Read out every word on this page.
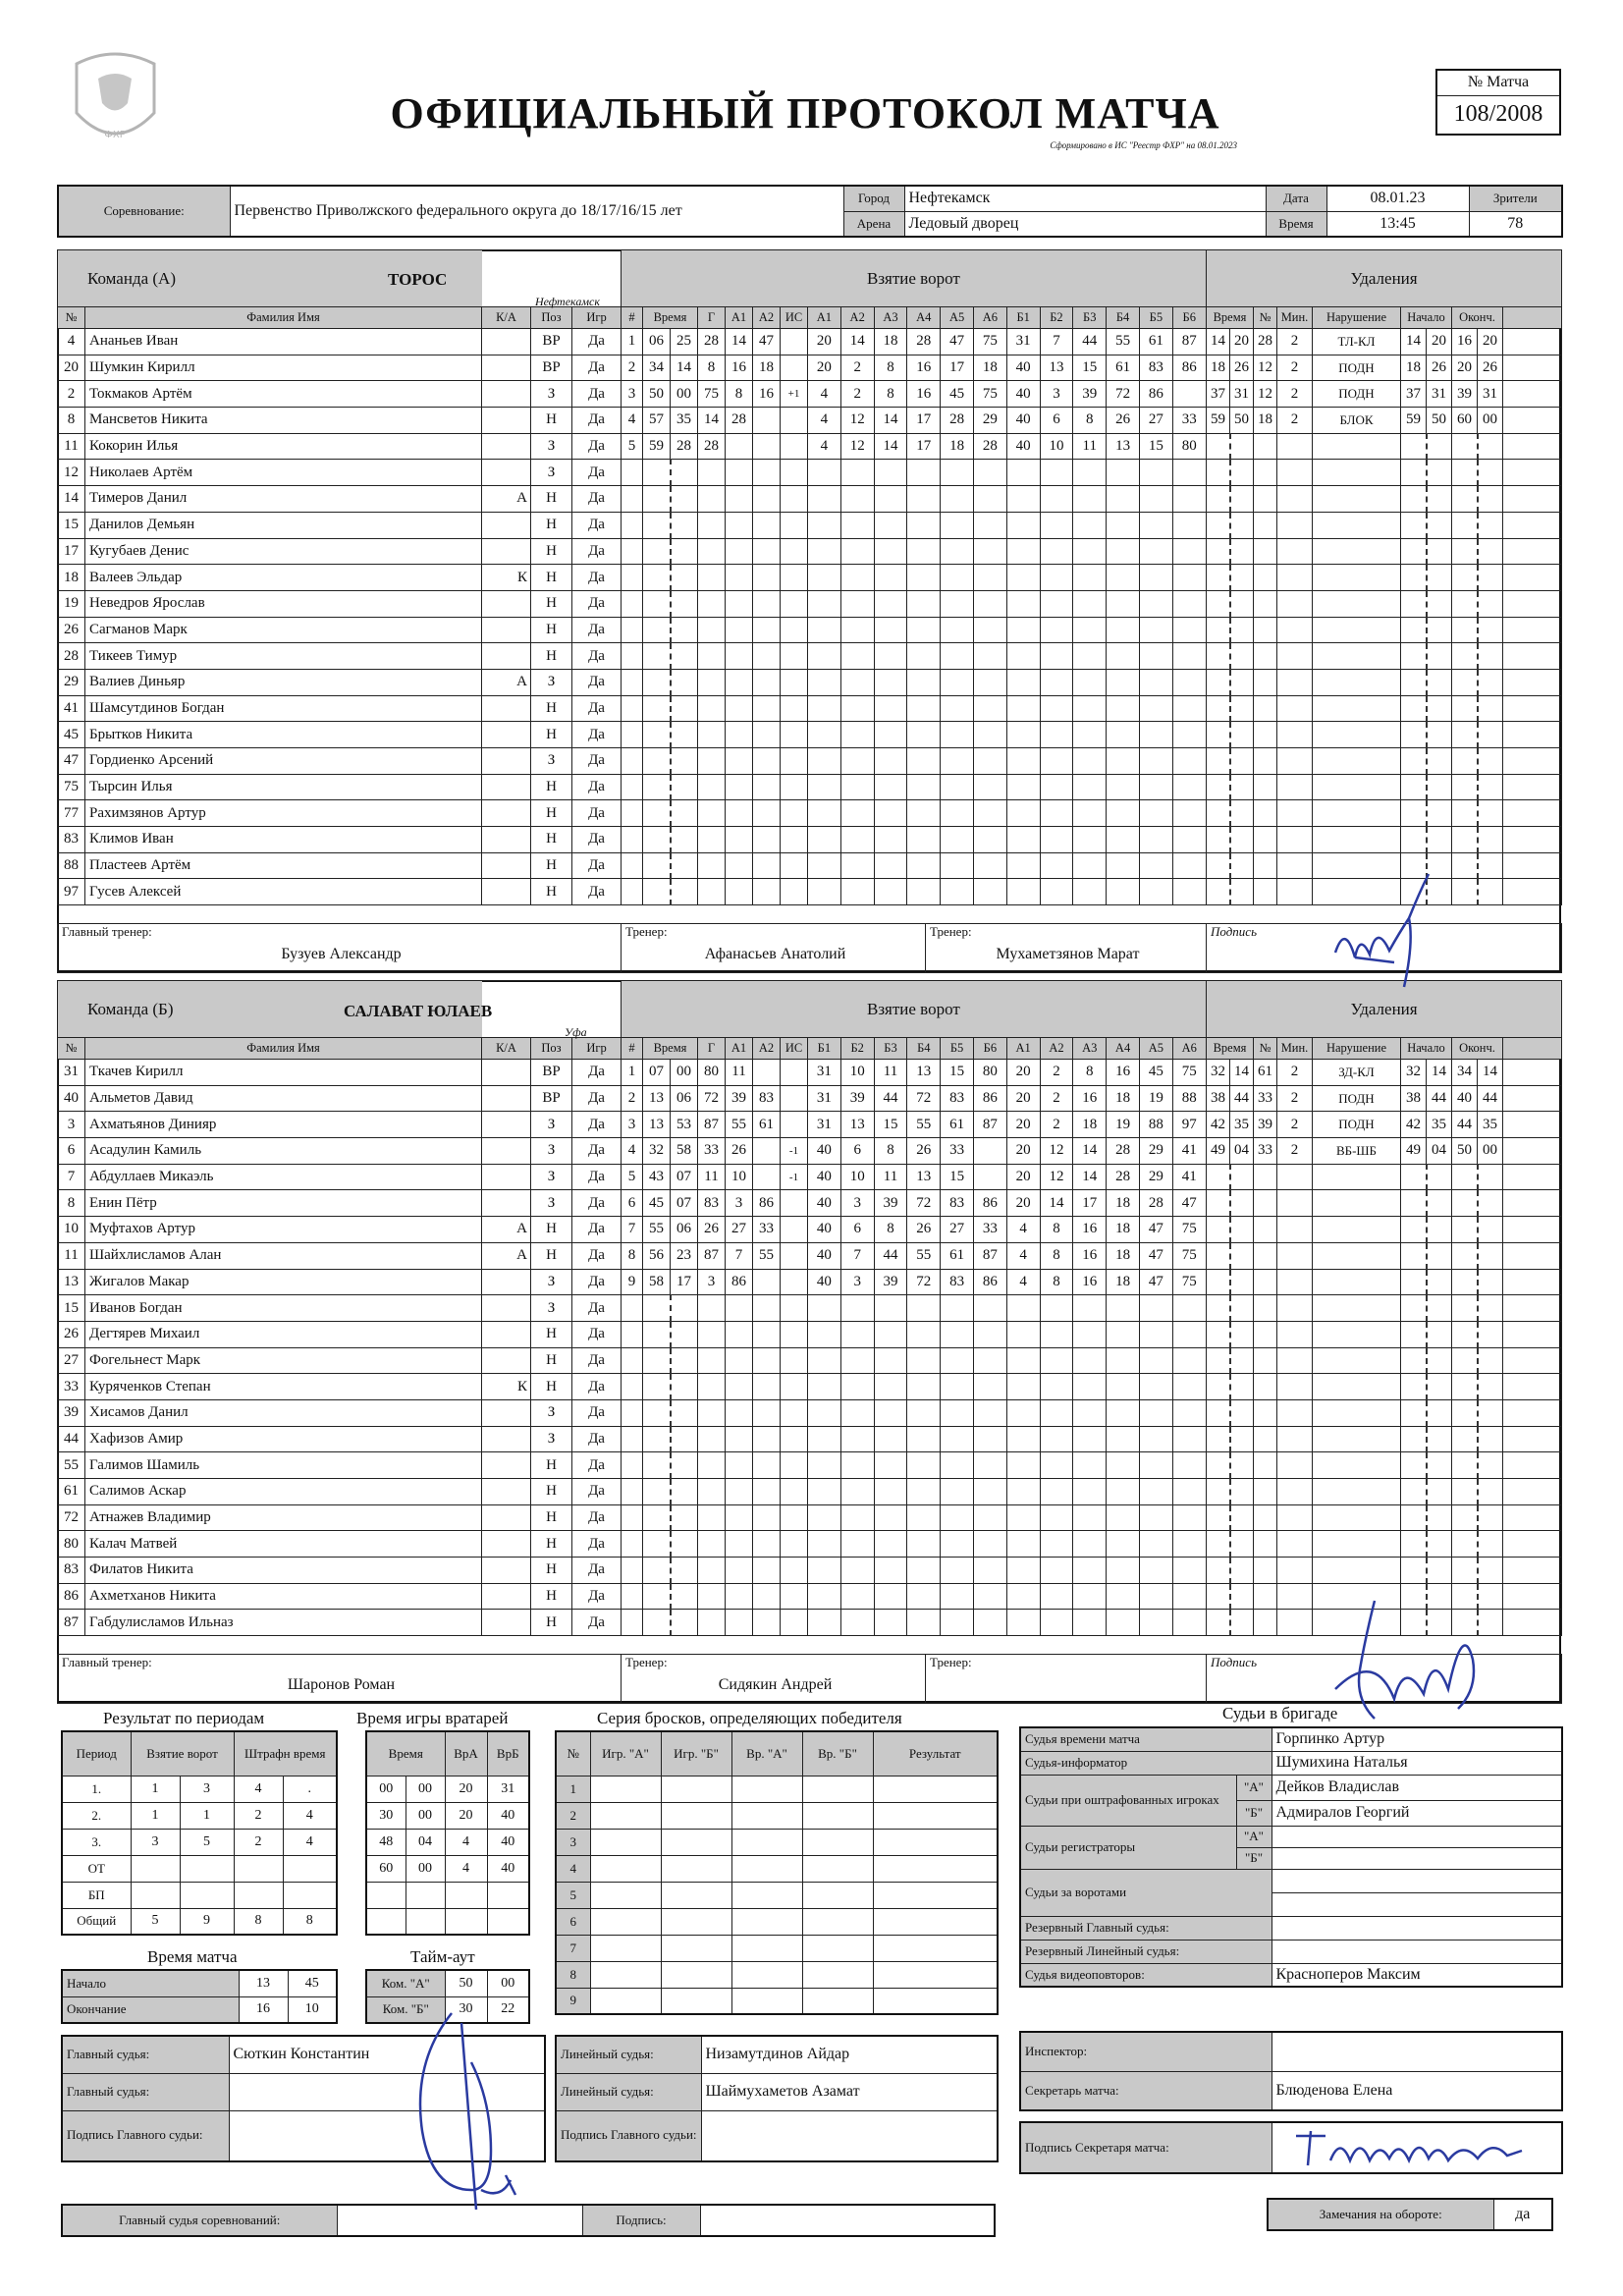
ФХР	ОФИЦИАЛЬНЫЙ ПРОТОКОЛ МАТЧА
Сформировано в ИС "Реестр ФХР" на 08.01.2023
№ Матча
108/2008
Соревнование:	Первенство Приволжского федерального округа до 18/17/16/15 лет	Город	Нефтекамск	Дата	08.01.23	Зрители
		Арена	Ледовый дворец	Время	13:45	78
Команда (А)				
№	Фамилия Имя	К/А	Поз	Игр
4	Ананьев Иван		ВР	Да
20	Шумкин Кирилл		ВР	Да
2	Токмаков Артём		З	Да
8	Мансветов Никита		Н	Да
11	Кокорин Илья		З	Да
12	Николаев Артём		З	Да
14	Тимеров Данил	А	Н	Да
15	Данилов Демьян		Н	Да
17	Кугубаев Денис		Н	Да
18	Валеев Эльдар	К	Н	Да
19	Неведров Ярослав		Н	Да
26	Сагманов Марк		Н	Да
28	Тикеев Тимур		Н	Да
29	Валиев Диньяр	А	З	Да
41	Шамсутдинов Богдан		Н	Да
45	Брытков Никита		Н	Да
47	Гордиенко Арсений		З	Да
75	Тырсин Илья		Н	Да
77	Рахимзянов Артур		Н	Да
83	Климов Иван		Н	Да
88	Пластеев Артём		Н	Да
97	Гусев Алексей		Н	Да
ТОРОС
Нефтекамск
Взятие ворот																		
#	Время		Г	А1	А2	ИС	А1	А2	А3	А4	А5	А6	Б1	Б2	Б3	Б4	Б5	Б6
1	06	25	28	14	47		20	14	18	28	47	75	31	7	44	55	61	87
2	34	14	8	16	18		20	2	8	16	17	18	40	13	15	61	83	86
3	50	00	75	8	16	+1	4	2	8	16	45	75	40	3	39	72	86	
4	57	35	14	28			4	12	14	17	28	29	40	6	8	26	27	33
5	59	28	28				4	12	14	17	18	28	40	10	11	13	15	80

Удаления									
Время		№	Мин.	Нарушение	Начало		Оконч.		
14	20	28	2	ТЛ-КЛ	14	20	16	20	
18	26	12	2	ПОДН	18	26	20	26	
37	31	12	2	ПОДН	37	31	39	31	
59	50	18	2	БЛОК	59	50	60	00	

Главный тренер:
Бузуев Александр

Тренер:
Афанасьев Анатолий

Тренер:
Мухаметзянов Марат

Подпись
Команда (Б)				
№	Фамилия Имя	К/А	Поз	Игр
31	Ткачев Кирилл		ВР	Да
40	Альметов Давид		ВР	Да
3	Ахматьянов Динияр		З	Да
6	Асадулин Камиль		З	Да
7	Абдуллаев Микаэль		З	Да
8	Енин Пётр		З	Да
10	Муфтахов Артур	А	Н	Да
11	Шайхлисламов Алан	А	Н	Да
13	Жигалов Макар		З	Да
15	Иванов Богдан		З	Да
26	Дегтярев Михаил		Н	Да
27	Фогельнест Марк		Н	Да
33	Куряченков Степан	К	Н	Да
39	Хисамов Данил		З	Да
44	Хафизов Амир		З	Да
55	Галимов Шамиль		Н	Да
61	Салимов Аскар		Н	Да
72	Атнажев Владимир		Н	Да
80	Калач Матвей		Н	Да
83	Филатов Никита		Н	Да
86	Ахметханов Никита		Н	Да
87	Габдулисламов Ильназ		Н	Да
САЛАВАТ ЮЛАЕВ
Уфа
Взятие ворот																		
#	Время		Г	А1	А2	ИС	Б1	Б2	Б3	Б4	Б5	Б6	А1	А2	А3	А4	А5	А6
1	07	00	80	11			31	10	11	13	15	80	20	2	8	16	45	75
2	13	06	72	39	83		31	39	44	72	83	86	20	2	16	18	19	88
3	13	53	87	55	61		31	13	15	55	61	87	20	2	18	19	88	97
4	32	58	33	26		-1	40	6	8	26	33		20	12	14	28	29	41
5	43	07	11	10		-1	40	10	11	13	15		20	12	14	28	29	41
6	45	07	83	3	86		40	3	39	72	83	86	20	14	17	18	28	47
7	55	06	26	27	33		40	6	8	26	27	33	4	8	16	18	47	75
8	56	23	87	7	55		40	7	44	55	61	87	4	8	16	18	47	75
9	58	17	3	86			40	3	39	72	83	86	4	8	16	18	47	75

Удаления									
Время		№	Мин.	Нарушение	Начало		Оконч.		
32	14	61	2	ЗД-КЛ	32	14	34	14	
38	44	33	2	ПОДН	38	44	40	44	
42	35	39	2	ПОДН	42	35	44	35	
49	04	33	2	ВБ-ШБ	49	04	50	00	

Главный тренер:
Шаронов Роман

Тренер:
Сидякин Андрей

Тренер:	Подпись
Результат по периодам
Период	Взятие ворот		Штрафн время	
1.	1	3	4	.
2.	1	1	2	4
3.	3	5	2	4
ОТ				
БП				
Общий	5	9	8	8
Время игры вратарей
Время		ВрА	ВрБ
00	00	20	31
30	00	20	40
48	04	4	40
60	00	4	40

Серия бросков, определяющих победителя
№	Игр. "А"	Игр. "Б"	Вр. "А"	Вр. "Б"	Результат
1					
2					
3					
4					
5					
6					
7					
8					
9					
Время матча
Начало	13	45
Окончание	16	10
Тайм-аут
Ком. "А"	50	00
Ком. "Б"	30	22
Судьи в бригаде
Судья времени матча		Горпинко Артур
Судья-информатор		Шумихина Наталья
Судьи при оштрафованных игроках	"А"	Дейков Владислав
	"Б"	Адмиралов Георгий
Судьи регистраторы	"А"	
	"Б"	
Судьи за воротами		

Резервный Главный судья:		
Резервный Линейный судья:		
Судья видеоповторов:		Красноперов Максим
Главный судья:	Сюткин Константин
Главный судья:	
Подпись Главного судьи:	
Линейный судья:	Низамутдинов Айдар
Линейный судья:	Шаймухаметов Азамат
Подпись Главного судьи:	
Инспектор:	
Секретарь матча:	Блюденова Елена
Подпись Секретаря матча:	
Главный судья соревнований:		Подпись:		Замечания на обороте:	да
